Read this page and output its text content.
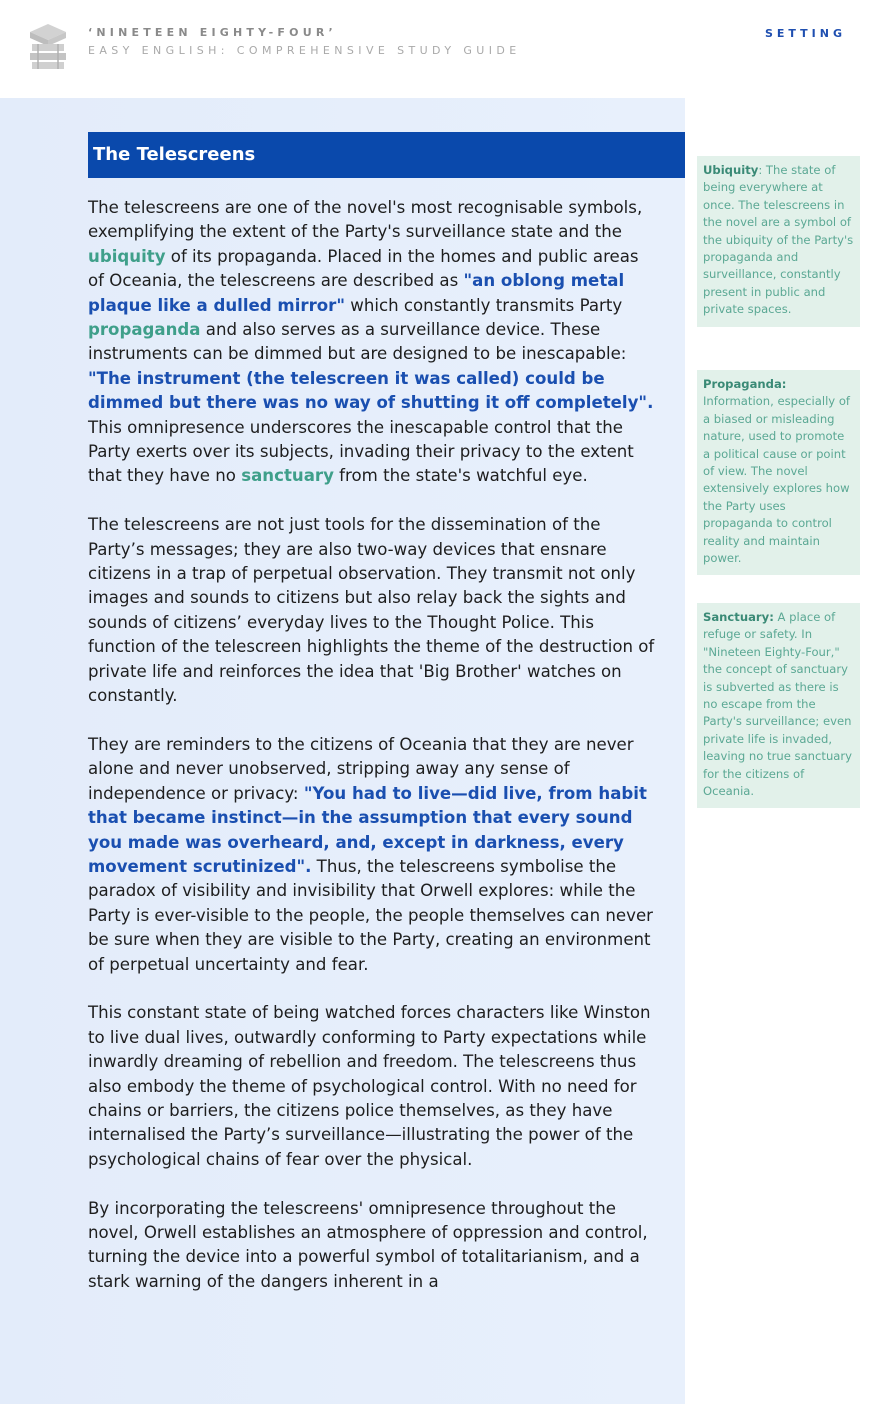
‘NINETEEN EIGHTY-FOUR’
EASY ENGLISH: COMPREHENSIVE STUDY GUIDE
SETTING
The Telescreens

The telescreens are one of the novel's most recognisable symbols, exemplifying the extent of the Party's surveillance state and the ubiquity of its propaganda. Placed in the homes and public areas of Oceania, the telescreens are described as "an oblong metal plaque like a dulled mirror" which constantly transmits Party propaganda and also serves as a surveillance device. These instruments can be dimmed but are designed to be inescapable: "The instrument (the telescreen it was called) could be dimmed but there was no way of shutting it off completely". This omnipresence underscores the inescapable control that the Party exerts over its subjects, invading their privacy to the extent that they have no sanctuary from the state's watchful eye.

The telescreens are not just tools for the dissemination of the Party’s messages; they are also two-way devices that ensnare citizens in a trap of perpetual observation. They transmit not only images and sounds to citizens but also relay back the sights and sounds of citizens’ everyday lives to the Thought Police. This function of the telescreen highlights the theme of the destruction of private life and reinforces the idea that 'Big Brother' watches on constantly.

They are reminders to the citizens of Oceania that they are never alone and never unobserved, stripping away any sense of independence or privacy: "You had to live—did live, from habit that became instinct—in the assumption that every sound you made was overheard, and, except in darkness, every movement scrutinized". Thus, the telescreens symbolise the paradox of visibility and invisibility that Orwell explores: while the Party is ever-visible to the people, the people themselves can never be sure when they are visible to the Party, creating an environment of perpetual uncertainty and fear.

This constant state of being watched forces characters like Winston to live dual lives, outwardly conforming to Party expectations while inwardly dreaming of rebellion and freedom. The telescreens thus also embody the theme of psychological control. With no need for chains or barriers, the citizens police themselves, as they have internalised the Party’s surveillance—illustrating the power of the psychological chains of fear over the physical.

By incorporating the telescreens' omnipresence throughout the novel, Orwell establishes an atmosphere of oppression and control, turning the device into a powerful symbol of totalitarianism, and a stark warning of the dangers inherent in a

Ubiquity: The state of being everywhere at once. The telescreens in the novel are a symbol of the ubiquity of the Party's propaganda and surveillance, constantly present in public and private spaces.
Propaganda: Information, especially of a biased or misleading nature, used to promote a political cause or point of view. The novel extensively explores how the Party uses propaganda to control reality and maintain power.
Sanctuary: A place of refuge or safety. In "Nineteen Eighty-Four," the concept of sanctuary is subverted as there is no escape from the Party's surveillance; even private life is invaded, leaving no true sanctuary for the citizens of Oceania.
